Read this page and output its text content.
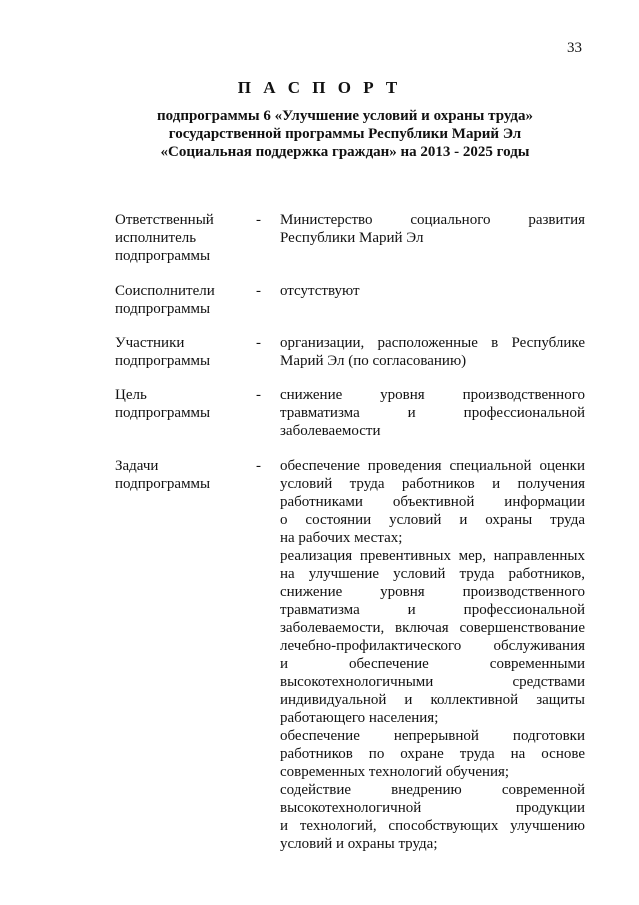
33
П А С П О Р Т
подпрограммы 6 «Улучшение условий и охраны труда»
государственной программы Республики Марий Эл
«Социальная поддержка граждан» на 2013 - 2025 годы
Ответственный
исполнитель
подпрограммы
- Министерство социального развития
Республики Марий Эл
Соисполнители
подпрограммы
- отсутствуют
Участники
подпрограммы
- организации, расположенные в Республике
Марий Эл (по согласованию)
Цель
подпрограммы
- снижение уровня производственного
травматизма и профессиональной
заболеваемости
Задачи
подпрограммы
- обеспечение проведения специальной оценки
условий труда работников и получения
работниками объективной информации
о состоянии условий и охраны труда
на рабочих местах;
реализация превентивных мер, направленных
на улучшение условий труда работников,
снижение уровня производственного
травматизма и профессиональной
заболеваемости, включая совершенствование
лечебно-профилактического обслуживания
и обеспечение современными
высокотехнологичными средствами
индивидуальной и коллективной защиты
работающего населения;
обеспечение непрерывной подготовки
работников по охране труда на основе
современных технологий обучения;
содействие внедрению современной
высокотехнологичной продукции
и технологий, способствующих улучшению
условий и охраны труда;
